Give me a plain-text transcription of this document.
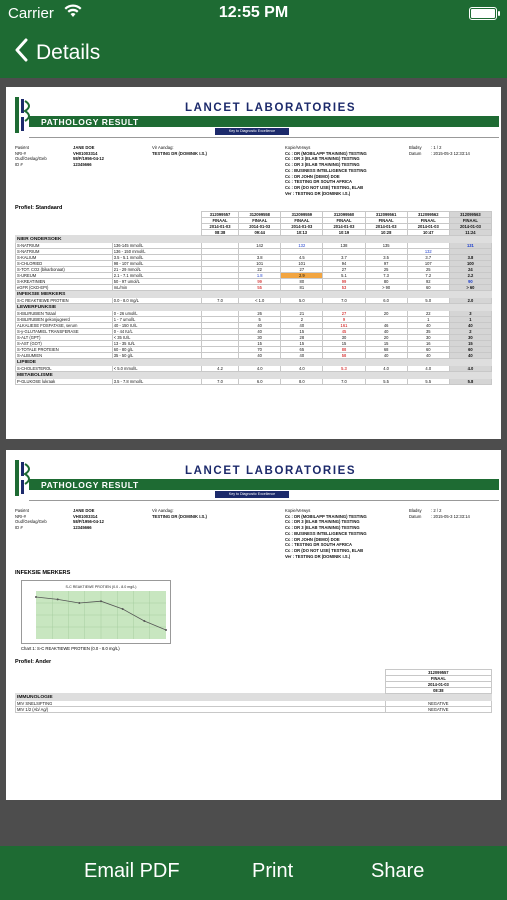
Carrier	12:55 PM
Details
LANCET LABORATORIES
PATHOLOGY RESULT
Key to Diagnostic Excellence
Pasiënt
NRI-#
Ouď/Geslag/Geb
ID #
JANE DOE
VH01003314
58/F/1956-04-12
12345666
Vir Aandag:
TESTING DR (DOMINIK I.S.)
Kopie/Verwys
Cc : DR (MOBILAPP TRAINING) TESTING
Cc : DR 3 (ELAB TRAINING) TESTING
Cc : DR 3 (ELAB TRAINING) TESTING
Cc : BUSINESS INTELLIGENCE TESTING
Cc : DR JOHN (DEMO) DOE
Cc : TESTING DR SOUTH AFRICA
Cc : DR (DO NOT USE) TESTING, ELAB
Ver : TESTING DR (DOMINIK I.S.)
Bladsy
Datum
: 1 / 2
: 2015-05-3 12:33:14
Profiel: Standaard
		312099557	312099558	312099559	312099560	312099561	312099562	312099563
		FINAAL	FINAAL	FINAAL	FINAAL	FINAAL	FINAAL	FINAAL
		2014-01-03	2014-01-03	2014-01-03	2014-01-03	2014-01-03	2014-01-03	2014-01-03
		08:38	09:44	10:13	10:19	10:28	10:47	11:24
NIER ONDERSOEK								
S-NATRIUM	136-145 mmol/L		142	132	138	135		131
S-NATRIUM	136 - 150 mmol/L						132	
S-KALIUM	3.5 - 5.1 mmol/L		3.8	4.5	3.7	3.5	3.7	3.8
S-CHLORIED	98 - 107 mmol/L		101	101	94	97	107	100
S-TOT. CO2 (bikarbonaat)	21 - 29 mmol/L		22	27	27	25	25	24
S-UREUM	2.1 - 7.1 mmol/L		1.8	2.9	5.1	7.3	7.2	2.2
S-KREATINIEN	50 - 97 umol/L		99	80	99	80	92	90
eGFR (CKD-EPI)	mL/min		55	81	53	> 90	60	> 60
INFEKSIE MERKERS								
S-C REAKTIEWE PROTIEN	0.0 - 8.0 mg/L	7.0	< 1.0	5.0	7.0	6.0	5.0	2.0
LEWERFUNKSIE								
S-BILIRUBIEN Totaal	0 - 26 umol/L		26	21	27	20	22	3
S-BILIRUBIEN gekonjugeerd	1 - 7 umol/L		5	2	9		1	1
ALKALIESE FOSFATASE, serum	40 - 150 IU/L		40	40	161	46	40	40
S-y-GLUTAMIEL TRANSFERASE	0 - 44 IU/L		40	15	45	40	35	2
S-ALT (GPT)	< 35 IU/L		30	28	30	20	30	30
S-AST (GOT)	13 - 35 IU/L		15	15	15	15	16	15
S-TOTALE PROTEIEN	60 - 80 g/L		70	65	88	68	60	60
S-ALBUMIEN	35 - 50 g/L		40	40	58	40	40	40
LIPIEDE								
S-CHOLESTEROL	< 5.0 mmol/L	4.2	4.0	4.0	5.3	4.0	4.0	4.0
METABOLISME								
P-GLUKOSE lukraak	3.5 - 7.8 mmol/L	7.0	6.0	8.0	7.0	5.5	5.5	5.8
LANCET LABORATORIES
PATHOLOGY RESULT
Key to Diagnostic Excellence
Pasiënt
NRI-#
Ouď/Geslag/Geb
ID #
JANE DOE
VH01003314
58/F/1956-04-12
12345666
Vir Aandag:
TESTING DR (DOMINIK I.S.)
Kopie/Verwys
Cc : DR (MOBILAPP TRAINING) TESTING
Cc : DR 3 (ELAB TRAINING) TESTING
Cc : DR 3 (ELAB TRAINING) TESTING
Cc : BUSINESS INTELLIGENCE TESTING
Cc : DR JOHN (DEMO) DOE
Cc : TESTING DR SOUTH AFRICA
Cc : DR (DO NOT USE) TESTING, ELAB
Ver : TESTING DR (DOMINIK I.S.)
Bladsy
Datum
: 2 / 2
: 2015-05-3 12:33:14
INFEKSIE MERKERS
S-C REAKTIEWE PROTIEN (0.0 - 8.0 mg/L)
Chart 1: S-C REAKTIEWE PROTIEN (0.0 - 8.0 mg/L)
Profiel: Ander
	312099557
	FINAAL
	2014-01-03
	08:38
IMMUNOLOGIE	
MIV SNELSIFTING	NEGATIVE
MIV 1/2 (Ab/ Ag/)	NEGATIVE
Email PDF	Print	Share
